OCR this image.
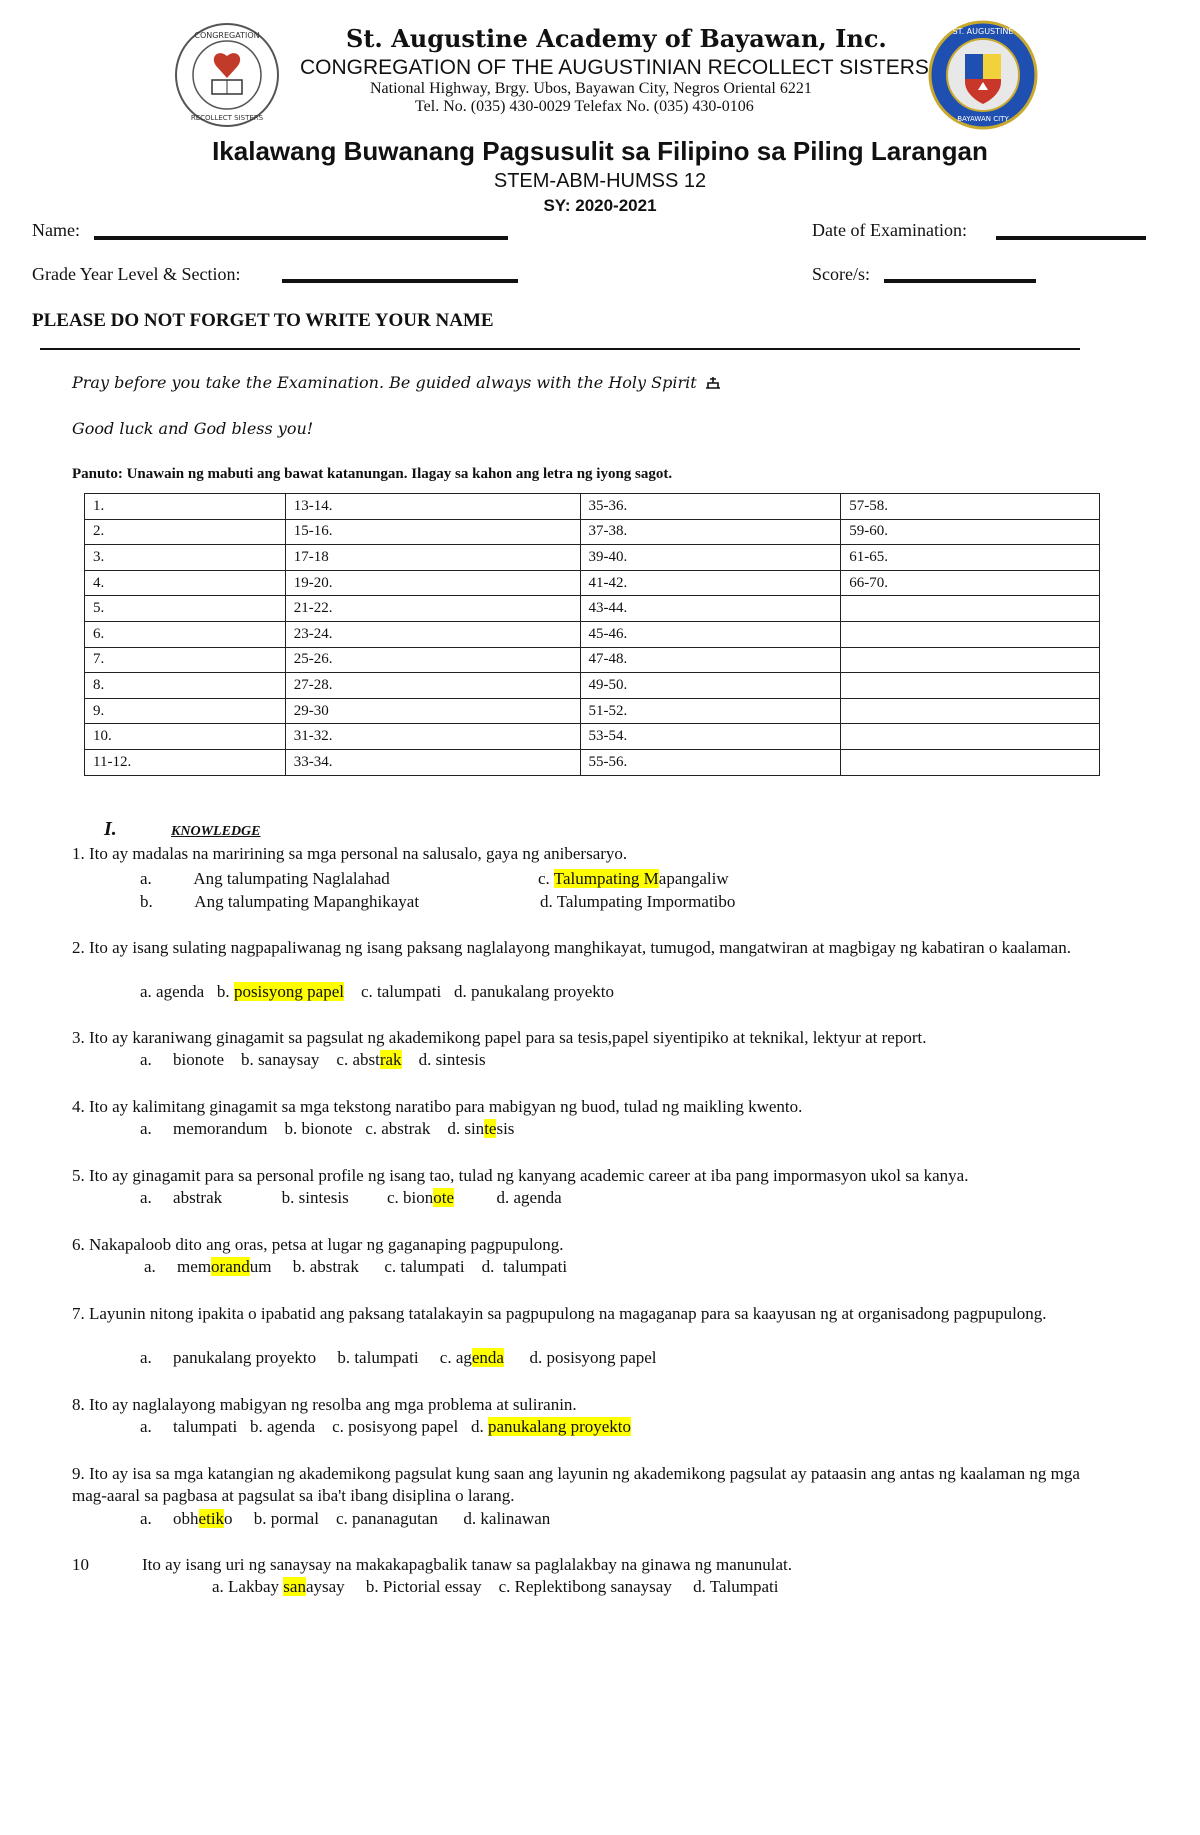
CONGREGATION
RECOLLECT SISTERS
ST. AUGUSTINE
BAYAWAN CITY
St. Augustine Academy of Bayawan, Inc.
CONGREGATION OF THE AUGUSTINIAN RECOLLECT SISTERS
National Highway, Brgy. Ubos, Bayawan City, Negros Oriental 6221
Tel. No. (035) 430-0029 Telefax No. (035) 430-0106
Ikalawang Buwanang Pagsusulit sa Filipino sa Piling Larangan
STEM-ABM-HUMSS 12
SY: 2020-2021
Name:	Date of Examination:
Grade Year Level & Section:	Score/s:
PLEASE DO NOT FORGET TO WRITE YOUR NAME
Pray before you take the Examination. Be guided always with the Holy Spirit
Good luck and God bless you!
Panuto: Unawain ng mabuti ang bawat katanungan. Ilagay sa kahon ang letra ng iyong sagot.
1.	13-14.	35-36.	57-58.
2.	15-16.	37-38.	59-60.
3.	17-18	39-40.	61-65.
4.	19-20.	41-42.	66-70.
5.	21-22.	43-44.	
6.	23-24.	45-46.	
7.	25-26.	47-48.	
8.	27-28.	49-50.	
9.	29-30	51-52.	
10.	31-32.	53-54.	
11-12.	33-34.	55-56.	
I.	KNOWLEDGE
1. Ito ay madalas na maririning sa mga personal na salusalo, gaya ng anibersaryo.
a.          Ang talumpating Naglalahad	c. Talumpating Mapangaliw
b.          Ang talumpating Mapanghikayat	d. Talumpating Impormatibo
2. Ito ay isang sulating nagpapaliwanag ng isang paksang naglalayong manghikayat, tumugod, mangatwiran at magbigay ng kabatiran o kaalaman.
a. agenda   b. posisyong papel    c. talumpati   d. panukalang proyekto
3. Ito ay karaniwang ginagamit sa pagsulat ng akademikong papel para sa tesis,papel siyentipiko at teknikal, lektyur at report.
a.     bionote    b. sanaysay    c. abstrak    d. sintesis
4. Ito ay kalimitang ginagamit sa mga tekstong naratibo para mabigyan ng buod, tulad ng maikling kwento.
a.     memorandum    b. bionote   c. abstrak    d. sintesis
5. Ito ay ginagamit para sa personal profile ng isang tao, tulad ng kanyang academic career at iba pang impormasyon ukol sa kanya.
a.     abstrak              b. sintesis         c. bionote          d. agenda
6. Nakapaloob dito ang oras, petsa at lugar ng gaganaping pagpupulong.
a.     memorandum     b. abstrak      c. talumpati    d.  talumpati
7. Layunin nitong ipakita o ipabatid ang paksang tatalakayin sa pagpupulong na magaganap para sa kaayusan ng at organisadong pagpupulong.
a.     panukalang proyekto     b. talumpati     c. agenda      d. posisyong papel
8. Ito ay naglalayong mabigyan ng resolba ang mga problema at suliranin.
a.     talumpati   b. agenda    c. posisyong papel   d. panukalang proyekto
9. Ito ay isa sa mga katangian ng akademikong pagsulat kung saan ang layunin ng akademikong pagsulat ay pataasin ang antas ng kaalaman ng mga mag-aaral sa pagbasa at pagsulat sa iba't ibang disiplina o larang.
a.     obhetiko     b. pormal    c. pananagutan      d. kalinawan
10	Ito ay isang uri ng sanaysay na makakapagbalik tanaw sa paglalakbay na ginawa ng manunulat.
a. Lakbay sanaysay     b. Pictorial essay    c. Replektibong sanaysay     d. Talumpati
